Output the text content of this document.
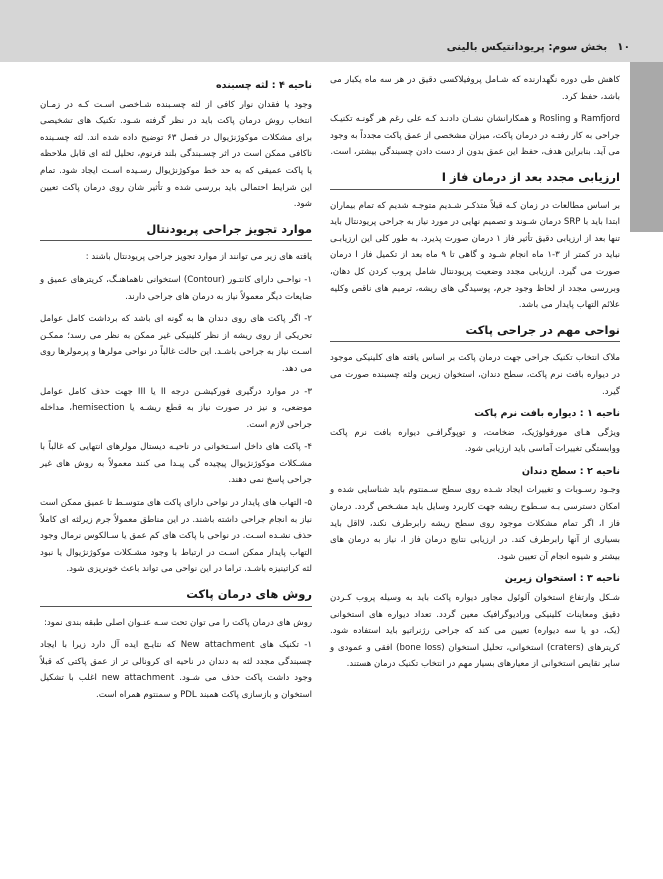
۱۰
بخش سوم: پریودانتیکس بالینی

کاهش طی دوره نگهدارنده که شـامل پروفیلاکسی دقیق در هر سه ماه یکبار می باشد، حفظ کرد.

Ramfjord و Rosling و همکارانشان نشـان دادنـد کـه علی رغم هر گونـه تکنیـک جراحی به کار رفتـه در درمان پاکت، میزان مشخصی از عمق پاکت مجدداً به وجود می آید. بنابراین هدف، حفظ این عمق بدون از دست دادن چسبندگی بیشتر، است.

ارزیابی مجدد بعد از درمان فاز I

بر اساس مطالعات در زمان کـه قبلاً متذکـر شـدیم متوجـه شدیم که تمام بیماران ابتدا باید با SRP درمان شـوند و تصمیم نهایی در مورد نیاز به جراحی پریودنتال باید تنها بعد از ارزیابی دقیق تأثیر فاز ۱ درمان صورت پذیرد. به طور کلی این ارزیابـی نباید در کمتر از ۳-۱ ماه انجام شـود و گاهی تا ۹ ماه بعد از تکمیل فاز I درمان صورت می گیرد. ارزیابی مجدد وضعیت پریودنتال شامل پروب کردن کل دهان، وبررسی مجدد از لحاظ وجود جرم، پوسیدگی های ریشه، ترمیم های ناقص وکلیه علائم التهاب پایدار می باشد.

نواحی مهم در جراحی پاکت

ملاک انتخاب تکنیک جراحی جهت درمان پاکت بر اساس یافته های کلینیکی موجود در دیواره بافت نرم پاکت، سطح دندان، استخوان زیرین ولثه چسبنده صورت می گیرد.

ناحیه ۱ : دیواره بافت نرم پاکت

ویژگی هـای مورفولوژیک، ضخامت، و توپوگرافـی دیواره بافت نرم پاکت ووابستگی تغییرات آماسی باید ارزیابی شود.

ناحیه ۲ : سطح دندان

وجـود رسـوبات و تغییرات ایجاد شـده روی سطح سـمنتوم باید شناسایی شده و امکان دسترسی بـه سـطوح ریشه جهت کاربرد وسایل باید مشـخص گردد. درمان فاز I، اگر تمام مشکلات موجود روی سطح ریشه رابرطرف نکند، لااقل باید بسیاری از آنها رابرطرف کند. در ارزیابی نتایج درمان فاز I، نیاز به درمان های بیشتر و شیوه انجام آن تعیین شود.

ناحیه ۳ : استخوان زیرین

شـکل وارتفاع استخوان آلوئول مجاور دیواره پاکت باید به وسیله پروب کـردن دقیق ومعاینات کلینیکی ورادیوگرافیک معین گردد. تعداد دیواره های استخوانی (یک، دو یا سه دیواره) تعیین می کند که جراحی رژنراتیو باید استفاده شود. کریترهای (craters) استخوانی، تحلیل استخوان (bone loss) افقی و عمودی و سایر نقایص استخوانی از معیارهای بسیار مهم در انتخاب تکنیک درمان هستند.

ناحیه ۴ : لثه چسبنده

وجود یا فقدان نوار کافی از لثه چسـبنده شـاخصی اسـت کـه در زمـان انتخاب روش درمان پاکت باید در نظر گرفته شـود. تکنیک های تشخیصی برای مشکلات موکوژنژیوال در فصل ۶۳ توضیح داده شده اند. لثه چسـبنده ناکافی ممکن است در اثر چسـبندگی بلند فرنوم، تحلیل لثه ای قابل ملاحظه یا پاکت عمیقی که به حد خط موکوژنژیوال رسـیده اسـت ایجاد شود. تمام این شرایط احتمالی باید بررسی شده و تأثیر شان روی درمان پاکت تعیین شود.

موارد تجویز جراحی پریودنتال

یافته های زیر می توانند از موارد تجویز جراحی پریودنتال باشند :

۱- نواحـی دارای کانتـور (Contour) استخوانی ناهماهنـگ، کریترهای عمیق و ضایعات دیگر معمولاً نیاز به درمان های جراحی دارند.

۲- اگر پاکت های روی دندان ها به گونه ای باشد که برداشت کامل عوامل تحریکی از روی ریشه از نظر کلینیکی غیر ممکن به نظر می رسد؛ ممکـن اسـت نیاز به جراحی باشـد. این حالت غالباً در نواحی مولرها و پرمولرها روی می دهد.

۳- در موارد درگیری فورکیشـن درجه II یا III جهت حذف کامل عوامل موضعی، و نیز در صورت نیاز به قطع ریشـه یا hemisection، مداخله جراحی لازم است.

۴- پاکت های داخل اسـتخوانی در ناحیـه دیستال مولرهای انتهایی که غالباً با مشـکلات موکوژنژیوال پیچیده گی پیـدا می کنند معمولاً به روش های غیر جراحی پاسخ نمی دهند.

۵- التهاب های پایدار در نواحی دارای پاکت های متوسـط تا عمیق ممکن است نیاز به انجام جراحی داشته باشند. در این مناطق معمولاً جرم زیرلثه ای کاملاً حذف نشـده اسـت. در نواحی با پاکت های کم عمق یا سـالکوس نرمال وجود التهاب پایدار ممکن اسـت در ارتباط با وجود مشـکلات موکوژنژیوال یا نبود لثه کراتینیزه باشـد. تراما در این نواحی می تواند باعث خونریزی شود.

روش های درمان پاکت

روش های درمان پاکت را می توان تحت سـه عنـوان اصلی طبقه بندی نمود:

۱- تکنیک های New attachment که نتایـج ایده آل دارد زیرا با ایجاد چسبندگی مجدد لثه به دندان در ناحیه ای کرونالی تر از عمق پاکتی که قبلاً وجود داشت پاکت حذف می شـود. new attachment اغلب با تشکیل استخوان و بازسازی پاکت همبند PDL و سمنتوم همراه است.
